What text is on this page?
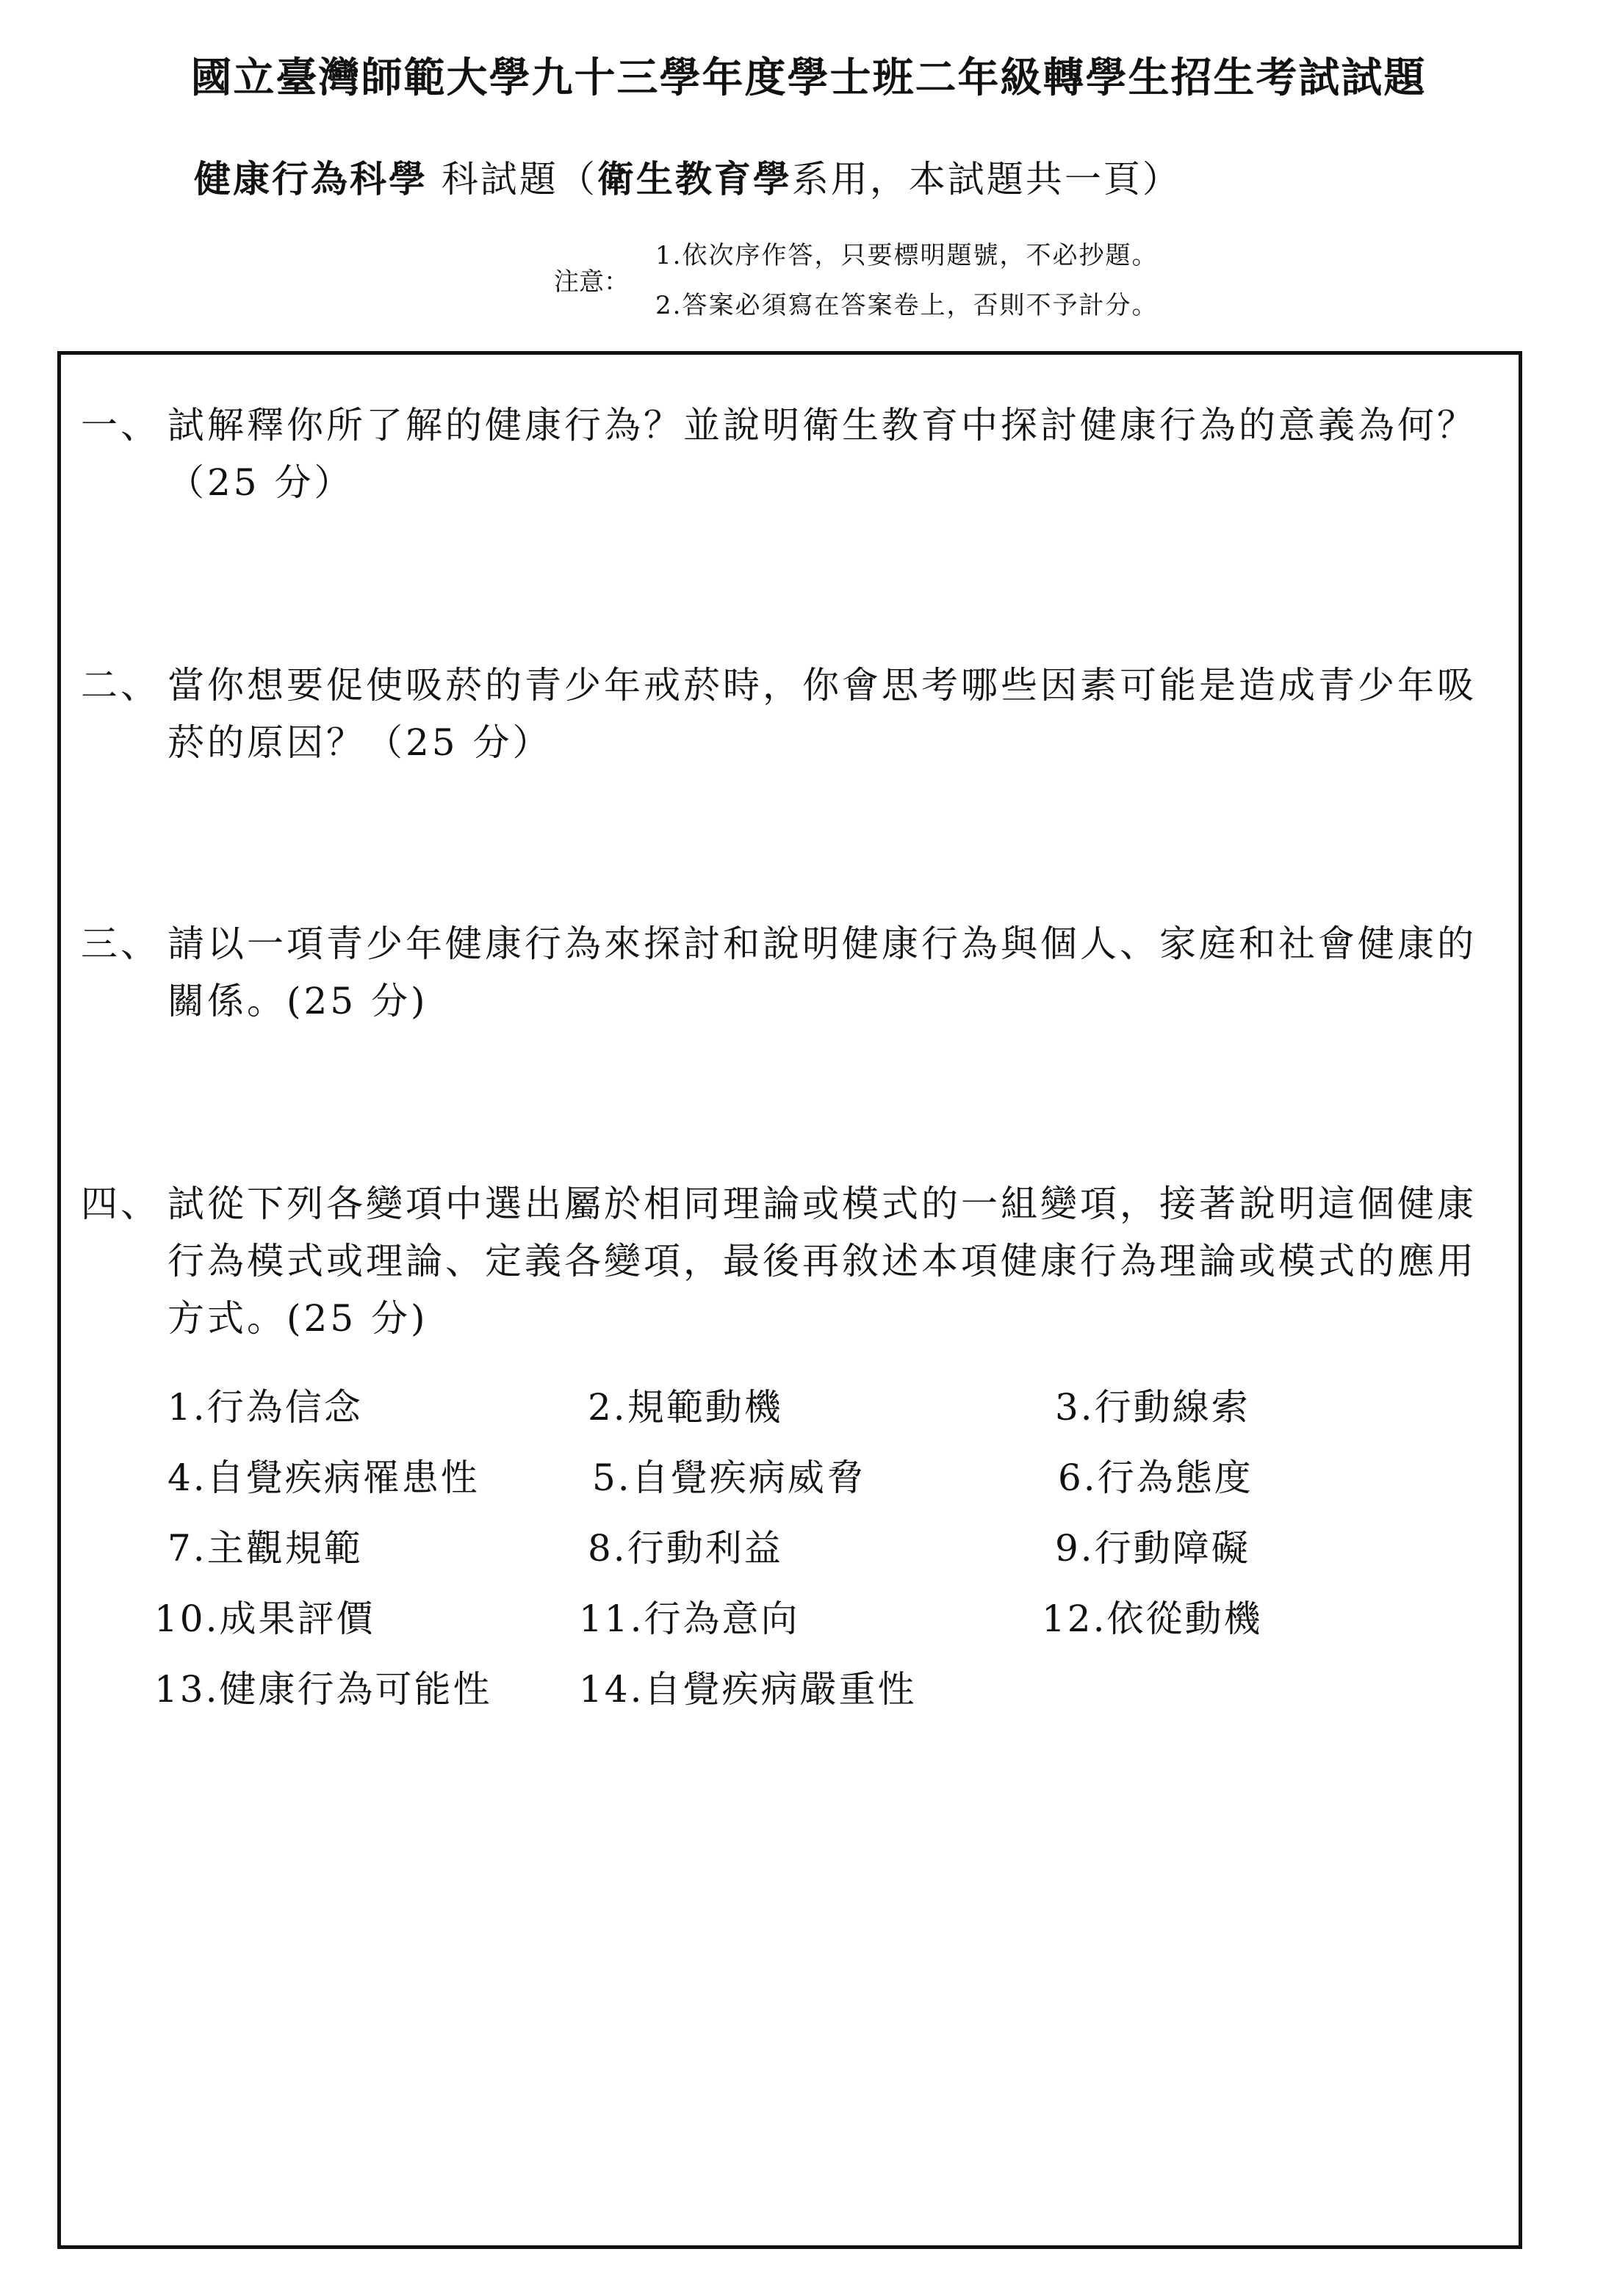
國立臺灣師範大學九十三學年度學士班二年級轉學生招生考試試題
健康行為科學 科試題（衛生教育學系用，本試題共一頁）
注意：
1.依次序作答，只要標明題號，不必抄題。
2.答案必須寫在答案卷上，否則不予計分。
一、 試解釋你所了解的健康行為？並說明衛生教育中探討健康行為的意義為何？（25 分）
二、 當你想要促使吸菸的青少年戒菸時，你會思考哪些因素可能是造成青少年吸菸的原因？（25 分）
三、 請以一項青少年健康行為來探討和說明健康行為與個人、家庭和社會健康的關係。(25 分)
四、 試從下列各變項中選出屬於相同理論或模式的一組變項，接著說明這個健康行為模式或理論、定義各變項，最後再敘述本項健康行為理論或模式的應用方式。(25 分)
1.行為信念	2.規範動機	3.行動線索
4.自覺疾病罹患性	5.自覺疾病威脅	6.行為態度
7.主觀規範	8.行動利益	9.行動障礙
10.成果評價	11.行為意向	12.依從動機
13.健康行為可能性 14.自覺疾病嚴重性
